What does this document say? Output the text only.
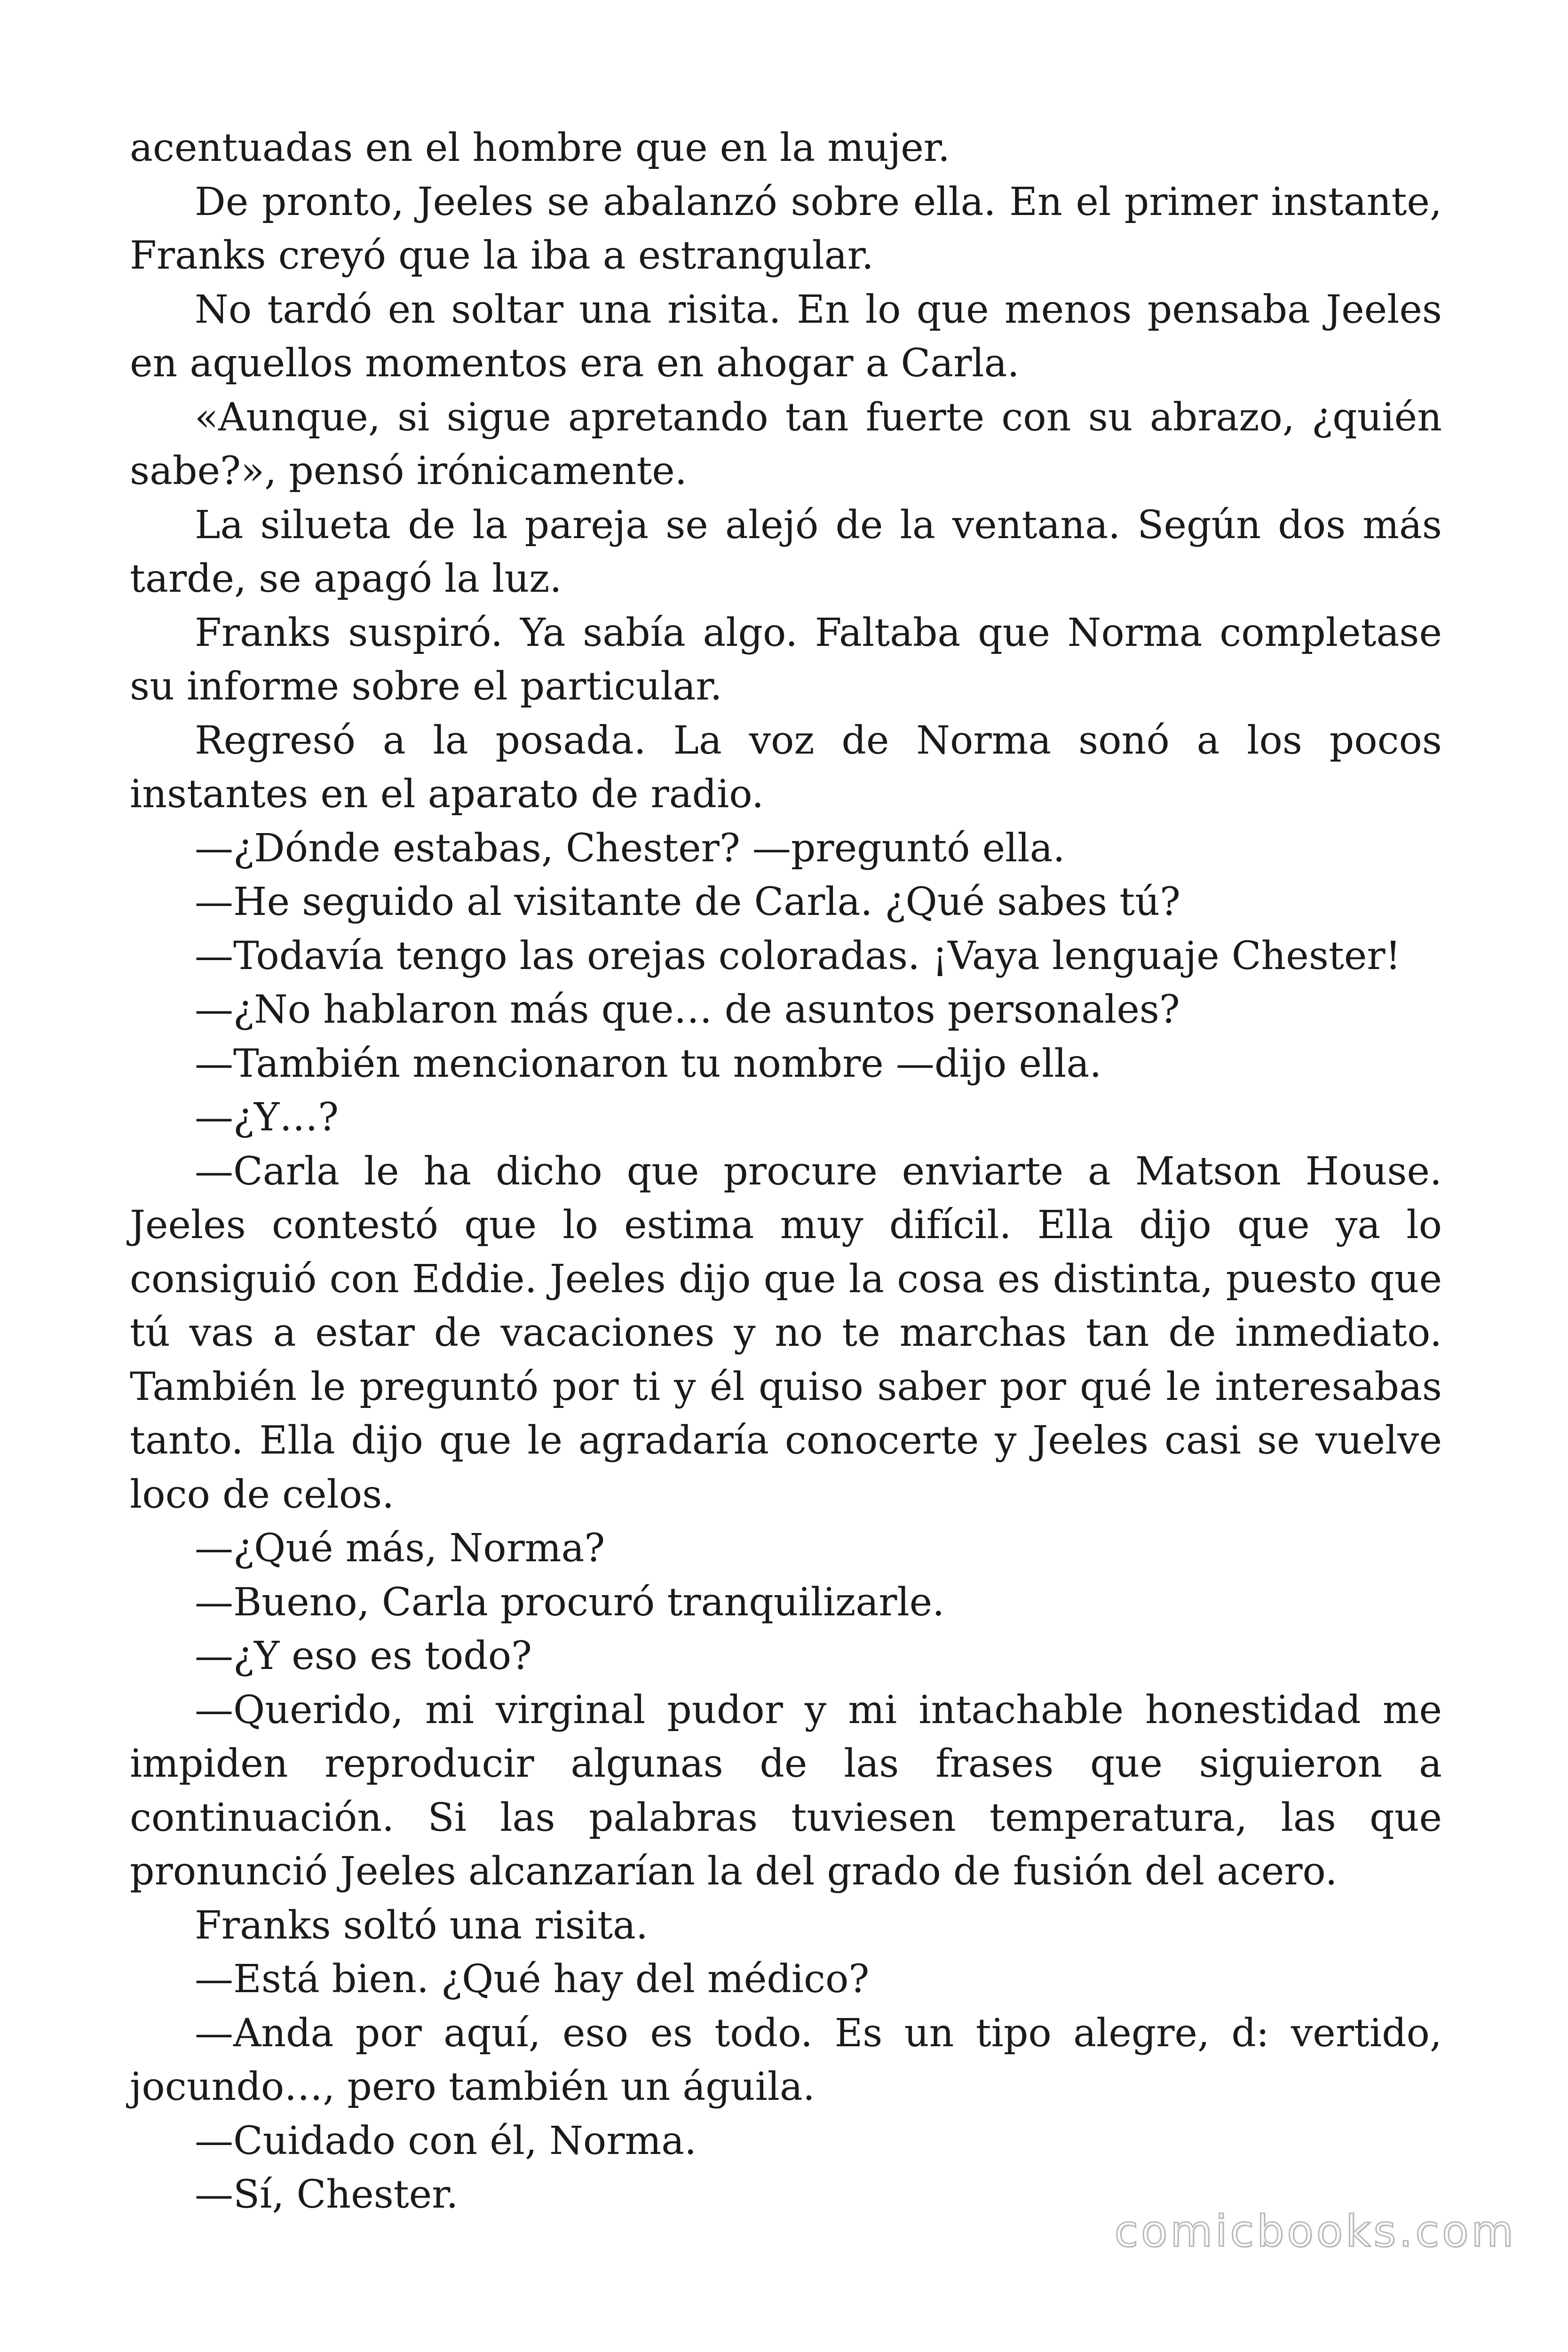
acentuadas en el hombre que en la mujer.

De pronto, Jeeles se abalanzó sobre ella. En el primer instante, Franks creyó que la iba a estrangular.

No tardó en soltar una risita. En lo que menos pensaba Jeeles en aquellos momentos era en ahogar a Carla.

«Aunque, si sigue apretando tan fuerte con su abrazo, ¿quién sabe?», pensó irónicamente.

La silueta de la pareja se alejó de la ventana. Según dos más tarde, se apagó la luz.

Franks suspiró. Ya sabía algo. Faltaba que Norma completase su informe sobre el particular.

Regresó a la posada. La voz de Norma sonó a los pocos instantes en el aparato de radio.

—¿Dónde estabas, Chester? —preguntó ella.

—He seguido al visitante de Carla. ¿Qué sabes tú?

—Todavía tengo las orejas coloradas. ¡Vaya lenguaje Chester!

—¿No hablaron más que… de asuntos personales?

—También mencionaron tu nombre —dijo ella.

—¿Y…?

—Carla le ha dicho que procure enviarte a Matson House. Jeeles contestó que lo estima muy difícil. Ella dijo que ya lo consiguió con Eddie. Jeeles dijo que la cosa es distinta, puesto que tú vas a estar de vacaciones y no te marchas tan de inmediato. También le preguntó por ti y él quiso saber por qué le interesabas tanto. Ella dijo que le agradaría conocerte y Jeeles casi se vuelve loco de celos.

—¿Qué más, Norma?

—Bueno, Carla procuró tranquilizarle.

—¿Y eso es todo?

—Querido, mi virginal pudor y mi intachable honestidad me impiden reproducir algunas de las frases que siguieron a continuación. Si las palabras tuviesen temperatura, las que pronunció Jeeles alcanzarían la del grado de fusión del acero.

Franks soltó una risita.

—Está bien. ¿Qué hay del médico?

—Anda por aquí, eso es todo. Es un tipo alegre, d: vertido, jocundo…, pero también un águila.

—Cuidado con él, Norma.

—Sí, Chester.

comicbooks.com
